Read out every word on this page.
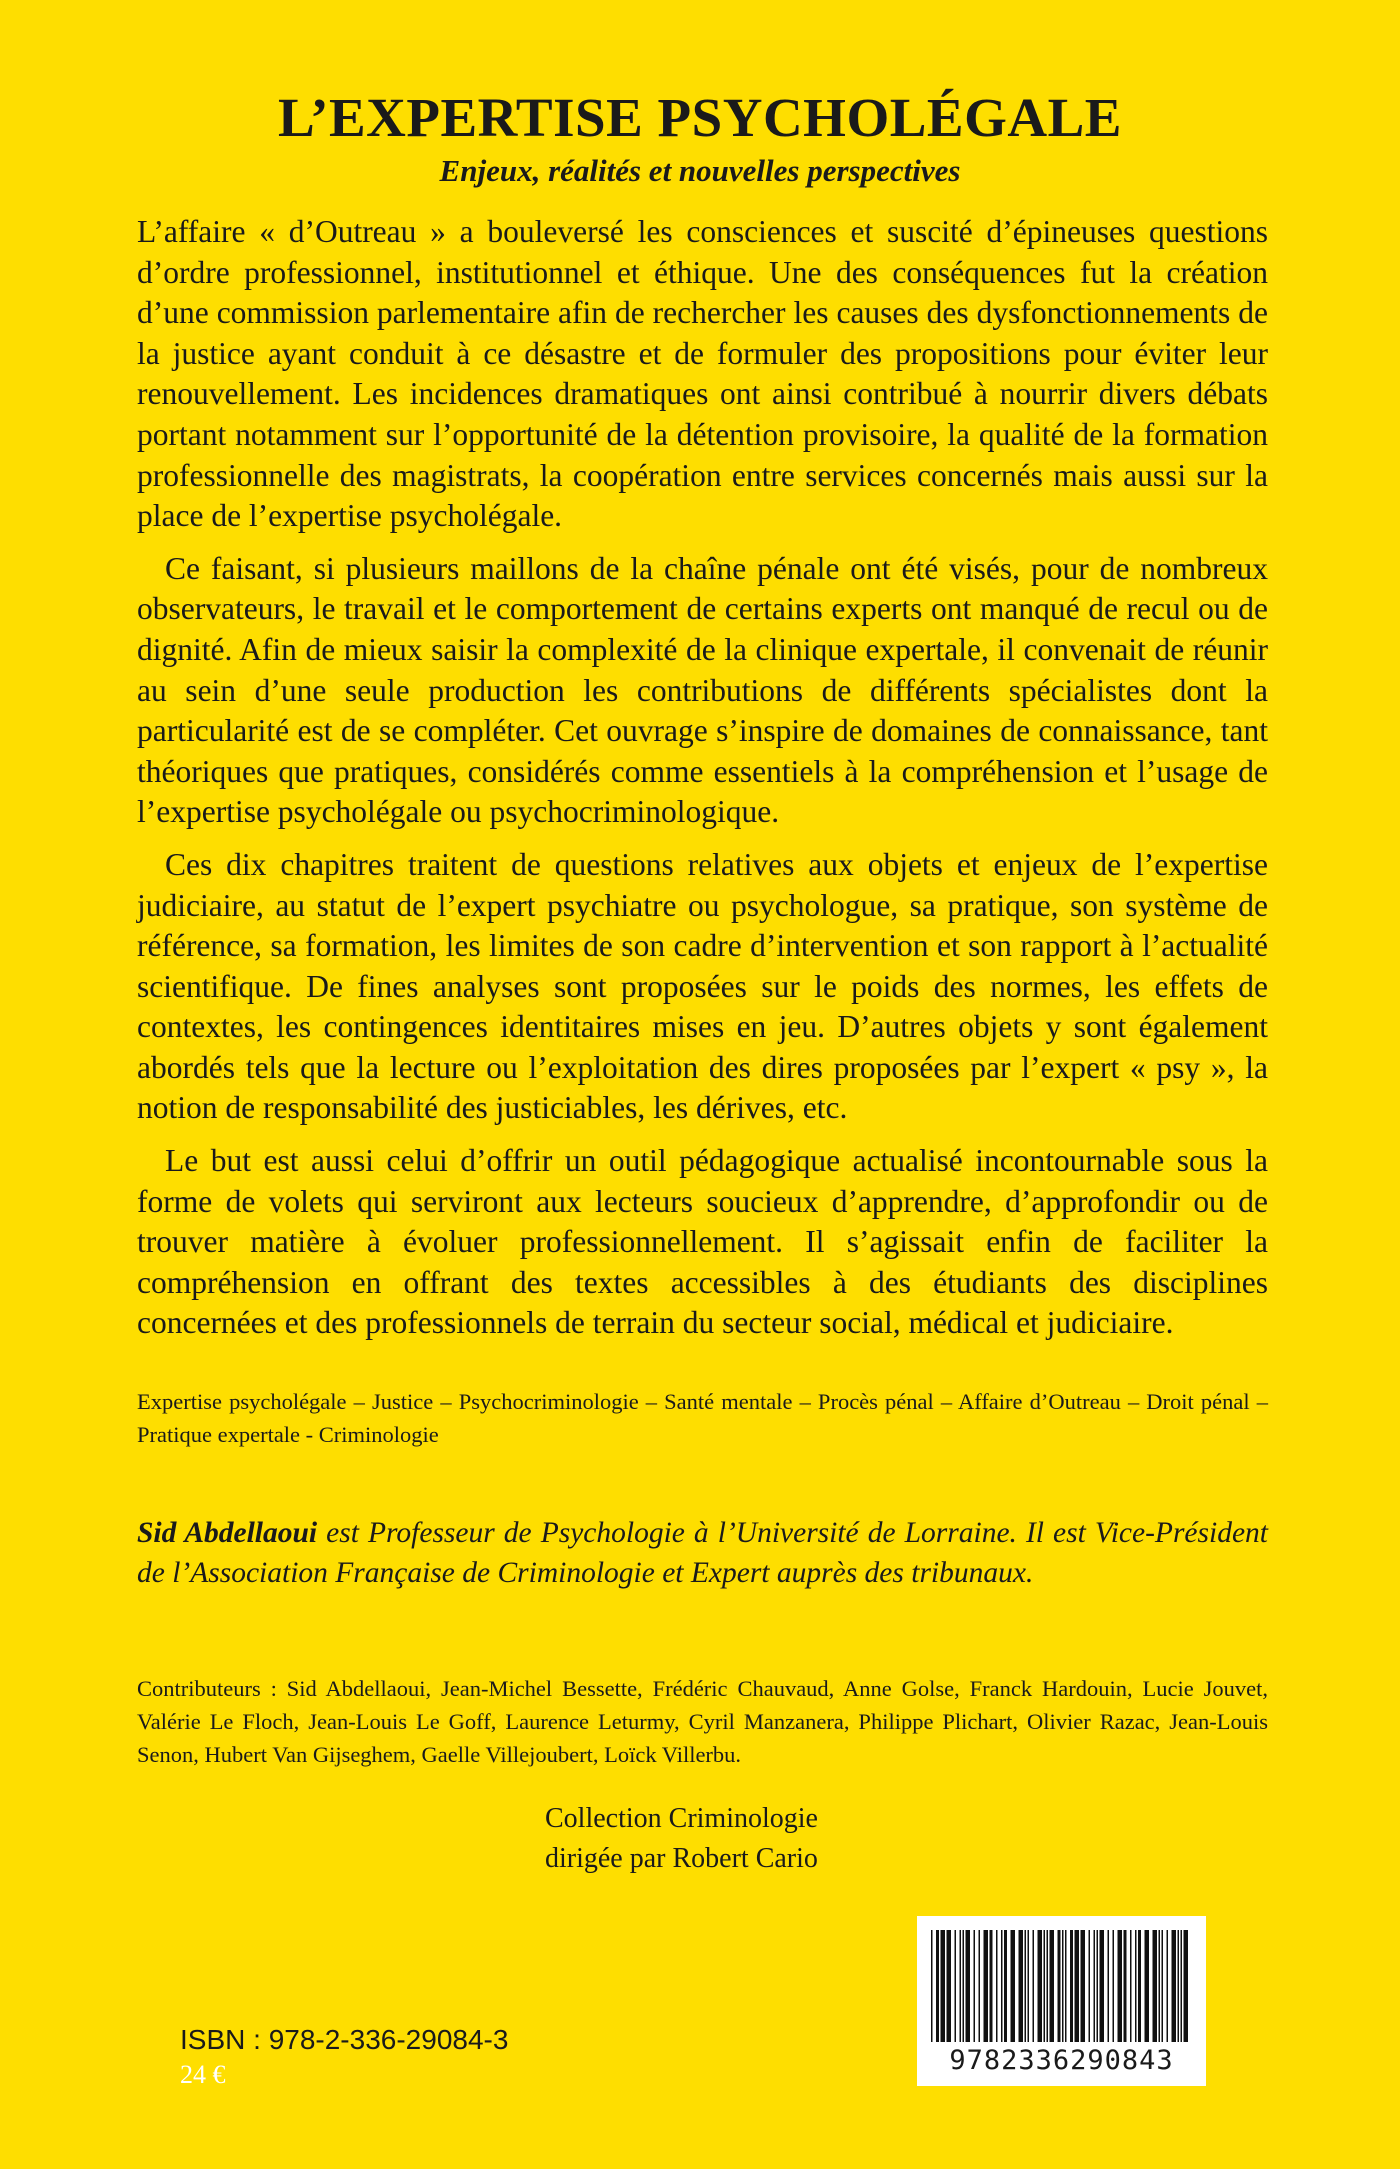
L’EXPERTISE PSYCHOLÉGALE
Enjeux, réalités et nouvelles perspectives

L’affaire « d’Outreau » a bouleversé les consciences et suscité d’épineuses questions d’ordre professionnel, institutionnel et éthique. Une des conséquences fut la création d’une commission parlementaire afin de rechercher les causes des dysfonctionnements de la justice ayant conduit à ce désastre et de formuler des propositions pour éviter leur renouvellement. Les incidences dramatiques ont ainsi contribué à nourrir divers débats portant notamment sur l’opportunité de la détention provisoire, la qualité de la formation professionnelle des magistrats, la coopération entre services concernés mais aussi sur la place de l’expertise psycholégale.

Ce faisant, si plusieurs maillons de la chaîne pénale ont été visés, pour de nombreux observateurs, le travail et le comportement de certains experts ont manqué de recul ou de dignité. Afin de mieux saisir la complexité de la clinique expertale, il convenait de réunir au sein d’une seule production les contributions de différents spécialistes dont la particularité est de se compléter. Cet ouvrage s’inspire de domaines de connaissance, tant théoriques que pratiques, considérés comme essentiels à la compréhension et l’usage de l’expertise psycholégale ou psychocriminologique.

Ces dix chapitres traitent de questions relatives aux objets et enjeux de l’expertise judiciaire, au statut de l’expert psychiatre ou psychologue, sa pratique, son système de référence, sa formation, les limites de son cadre d’intervention et son rapport à l’actualité scientifique. De fines analyses sont proposées sur le poids des normes, les effets de contextes, les contingences identitaires mises en jeu. D’autres objets y sont également abordés tels que la lecture ou l’exploitation des dires proposées par l’expert « psy », la notion de responsabilité des justiciables, les dérives, etc.

Le but est aussi celui d’offrir un outil pédagogique actualisé incontournable sous la forme de volets qui serviront aux lecteurs soucieux d’apprendre, d’approfondir ou de trouver matière à évoluer professionnellement. Il s’agissait enfin de faciliter la compréhension en offrant des textes accessibles à des étudiants des disciplines concernées et des professionnels de terrain du secteur social, médical et judiciaire.

Expertise psycholégale – Justice – Psychocriminologie – Santé mentale – Procès pénal – Affaire d’Outreau – Droit pénal – Pratique expertale - Criminologie
Sid Abdellaoui est Professeur de Psychologie à l’Université de Lorraine. Il est Vice-Président de l’Association Française de Criminologie et Expert auprès des tribunaux.
Contributeurs : Sid Abdellaoui, Jean-Michel Bessette, Frédéric Chauvaud, Anne Golse, Franck Hardouin, Lucie Jouvet, Valérie Le Floch, Jean-Louis Le Goff, Laurence Leturmy, Cyril Manzanera, Philippe Plichart, Olivier Razac, Jean-Louis Senon, Hubert Van Gijseghem, Gaelle Villejoubert, Loïck Villerbu.
Collection Criminologie
dirigée par Robert Cario
ISBN : 978-2-336-29084-3
24 €	9782336290843
